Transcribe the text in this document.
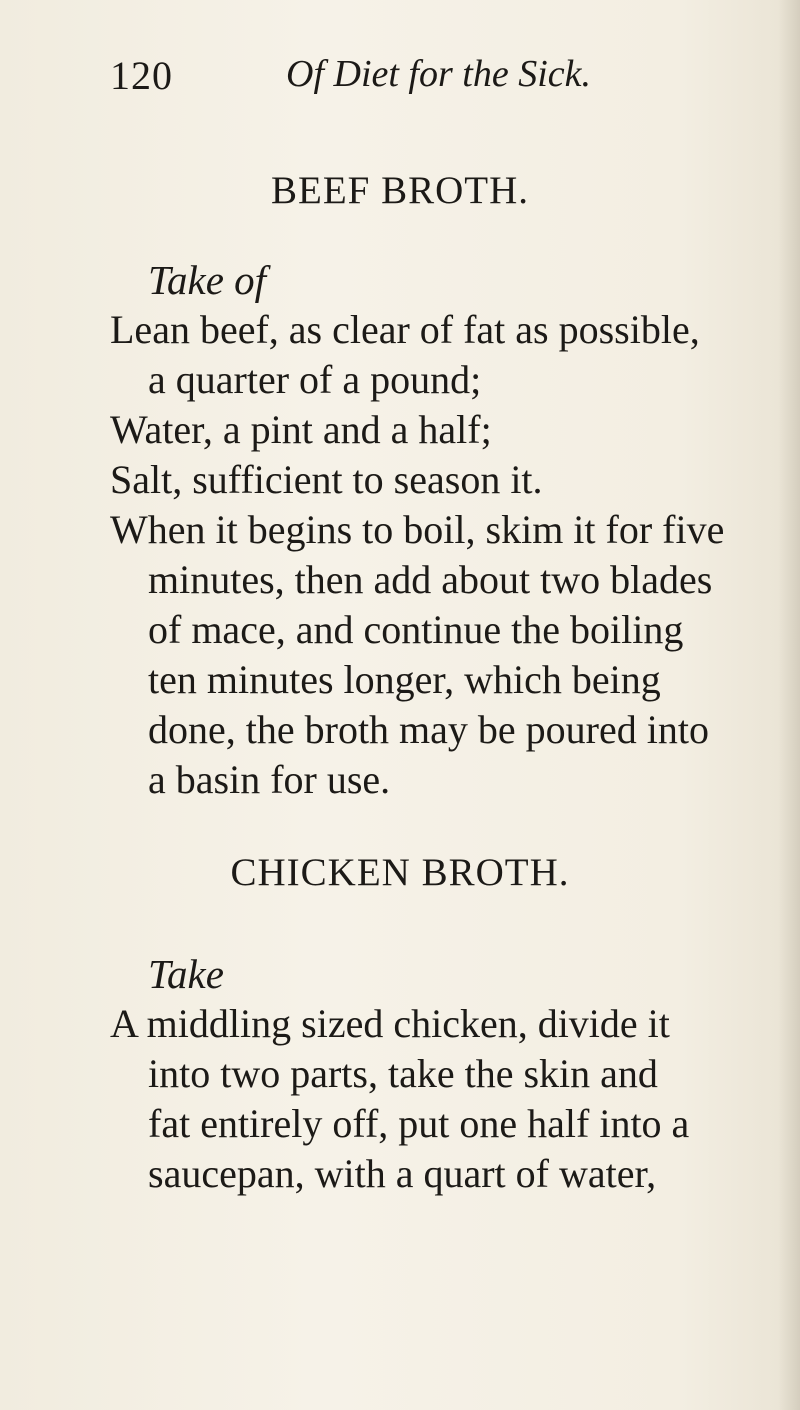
120	Of Diet for the Sick.
BEEF BROTH.
Take of
Lean beef, as clear of fat as possible,
a quarter of a pound;
Water, a pint and a half;
Salt, sufficient to season it.
When it begins to boil, skim it for five
minutes, then add about two blades
of mace, and continue the boiling
ten minutes longer, which being
done, the broth may be poured into
a basin for use.
CHICKEN BROTH.
Take
A middling sized chicken, divide it
into two parts, take the skin and
fat entirely off, put one half into a
saucepan, with a quart of water,
